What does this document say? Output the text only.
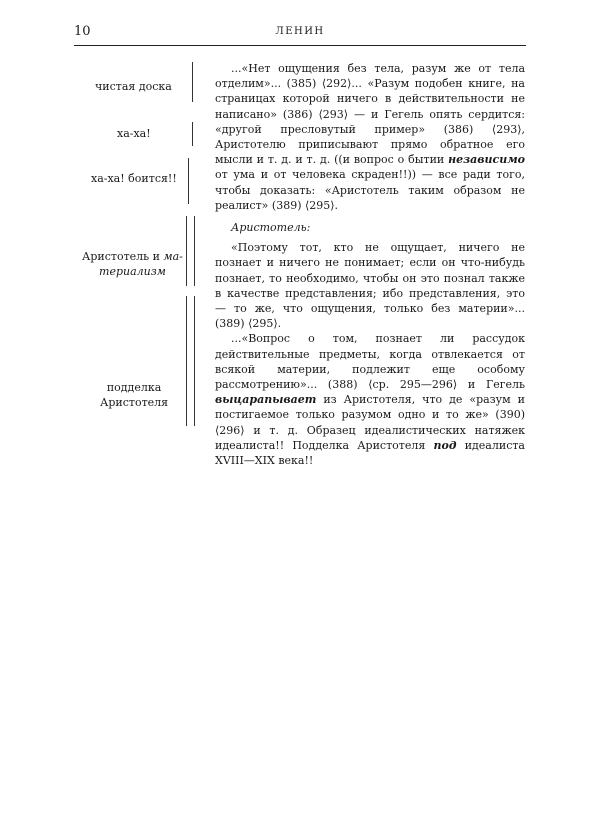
10	ЛЕНИН
чистая доска
ха-ха!
ха-ха! боится!!
Аристотель и ма-
териализм
подделка
Аристотеля

...«Нет ощущения без тела, разум же от тела отделим»... (385) ⟨292⟩... «Разум подобен книге, на страницах которой ничего в действительности не написано» (386) ⟨293⟩ — и Гегель опять сердится: «другой пресловутый пример» (386) ⟨293⟩, Аристотелю приписывают прямо обратное его мысли и т. д. и т. д. ((и вопрос о бытии независимо от ума и от человека скраден!!)) — все ради того, чтобы доказать: «Аристотель таким образом не реалист» (389) ⟨295⟩.

Аристотель:

«Поэтому тот, кто не ощущает, ничего не познает и ничего не понимает; если он что-нибудь познает, то необходимо, чтобы он это познал также в качестве представления; ибо представления, это — то же, что ощущения, только без материи»... (389) ⟨295⟩.

...«Вопрос о том, познает ли рассудок действительные предметы, когда отвлекается от всякой материи, подлежит еще особому рассмотрению»... (388) ⟨ср. 295—296⟩ и Гегель выцарапывает из Аристотеля, что де «разум и постигаемое только разумом одно и то же» (390) ⟨296⟩ и т. д. Образец идеалистических натяжек идеалиста!! Подделка Аристотеля под идеалиста XVIII—XIX века!!
